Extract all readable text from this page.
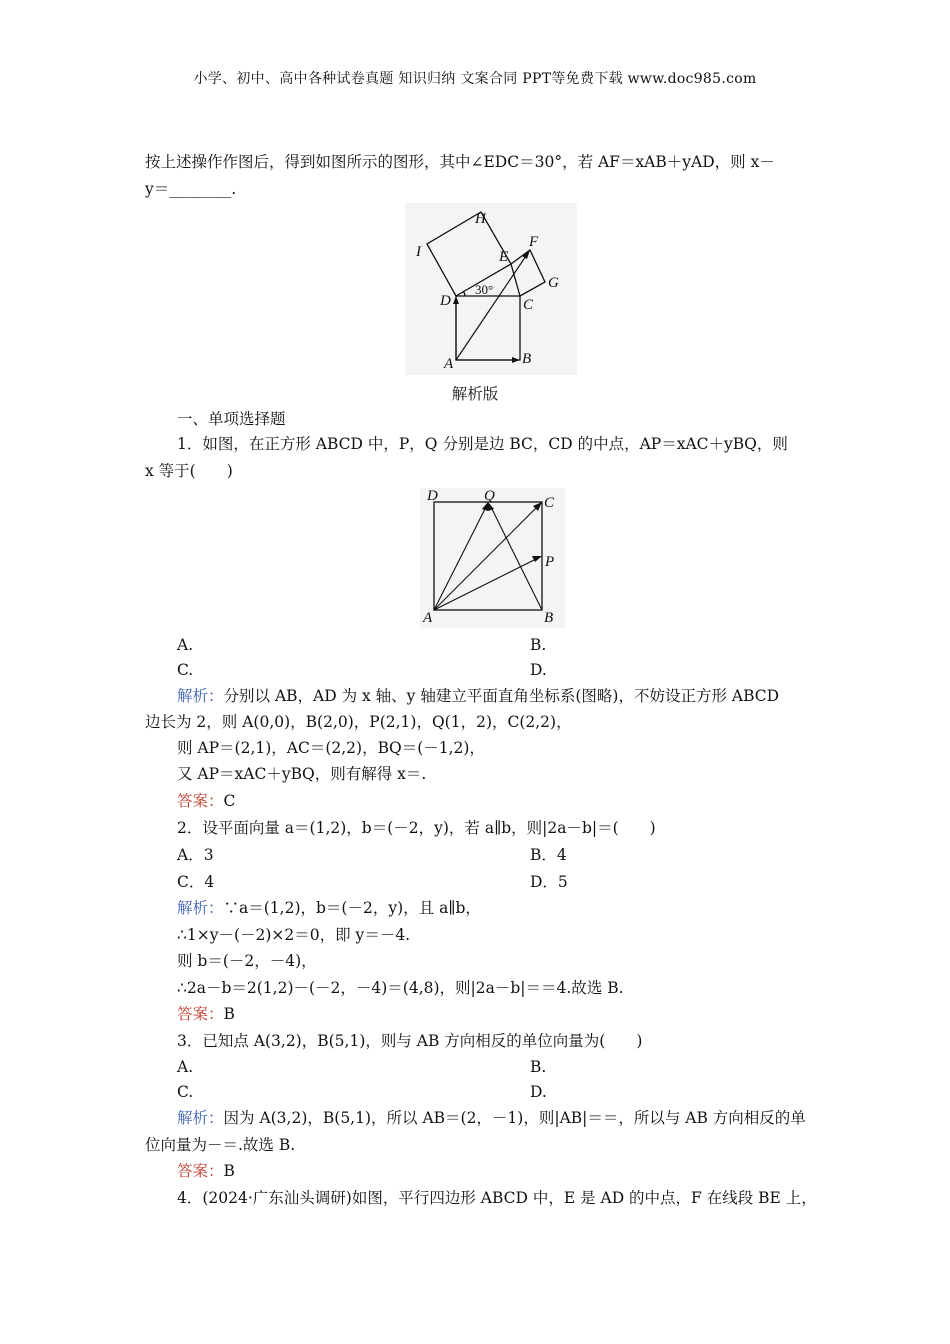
小学、初中、高中各种试卷真题 知识归纳 文案合同 PPT等免费下载 www.doc985.com
按上述操作作图后，得到如图所示的图形，其中∠EDC＝30°，若 AF＝xAB＋yAD，则 x－
y＝________.
H
I	E
F
G
D	C
A	B
30°
解析版
一、单项选择题
1．如图，在正方形 ABCD 中，P，Q 分别是边 BC，CD 的中点，AP＝xAC＋yBQ，则
x 等于(　　)
D	Q	C
P
A	B
A.	B.
C.	D.
解析：分别以 AB，AD 为 x 轴、y 轴建立平面直角坐标系(图略)，不妨设正方形 ABCD
边长为 2，则 A(0,0)，B(2,0)，P(2,1)，Q(1，2)，C(2,2)，
则 AP＝(2,1)，AC＝(2,2)，BQ＝(－1,2)，
又 AP＝xAC＋yBQ，则有解得 x＝.
答案：C
2．设平面向量 a＝(1,2)，b＝(－2，y)，若 a∥b，则|2a－b|＝(　　)
A．3	B．4
C．4	D．5
解析：∵a＝(1,2)，b＝(－2，y)，且 a∥b，
∴1×y－(－2)×2＝0，即 y＝－4.
则 b＝(－2，－4)，
∴2a－b＝2(1,2)－(－2，－4)＝(4,8)，则|2a－b|＝＝4.故选 B.
答案：B
3．已知点 A(3,2)，B(5,1)，则与 AB 方向相反的单位向量为(　　)
A.	B.
C.	D.
解析：因为 A(3,2)，B(5,1)，所以 AB＝(2，－1)，则|AB|＝＝，所以与 AB 方向相反的单
位向量为－＝.故选 B.
答案：B
4．(2024·广东汕头调研)如图，平行四边形 ABCD 中，E 是 AD 的中点，F 在线段 BE 上，
